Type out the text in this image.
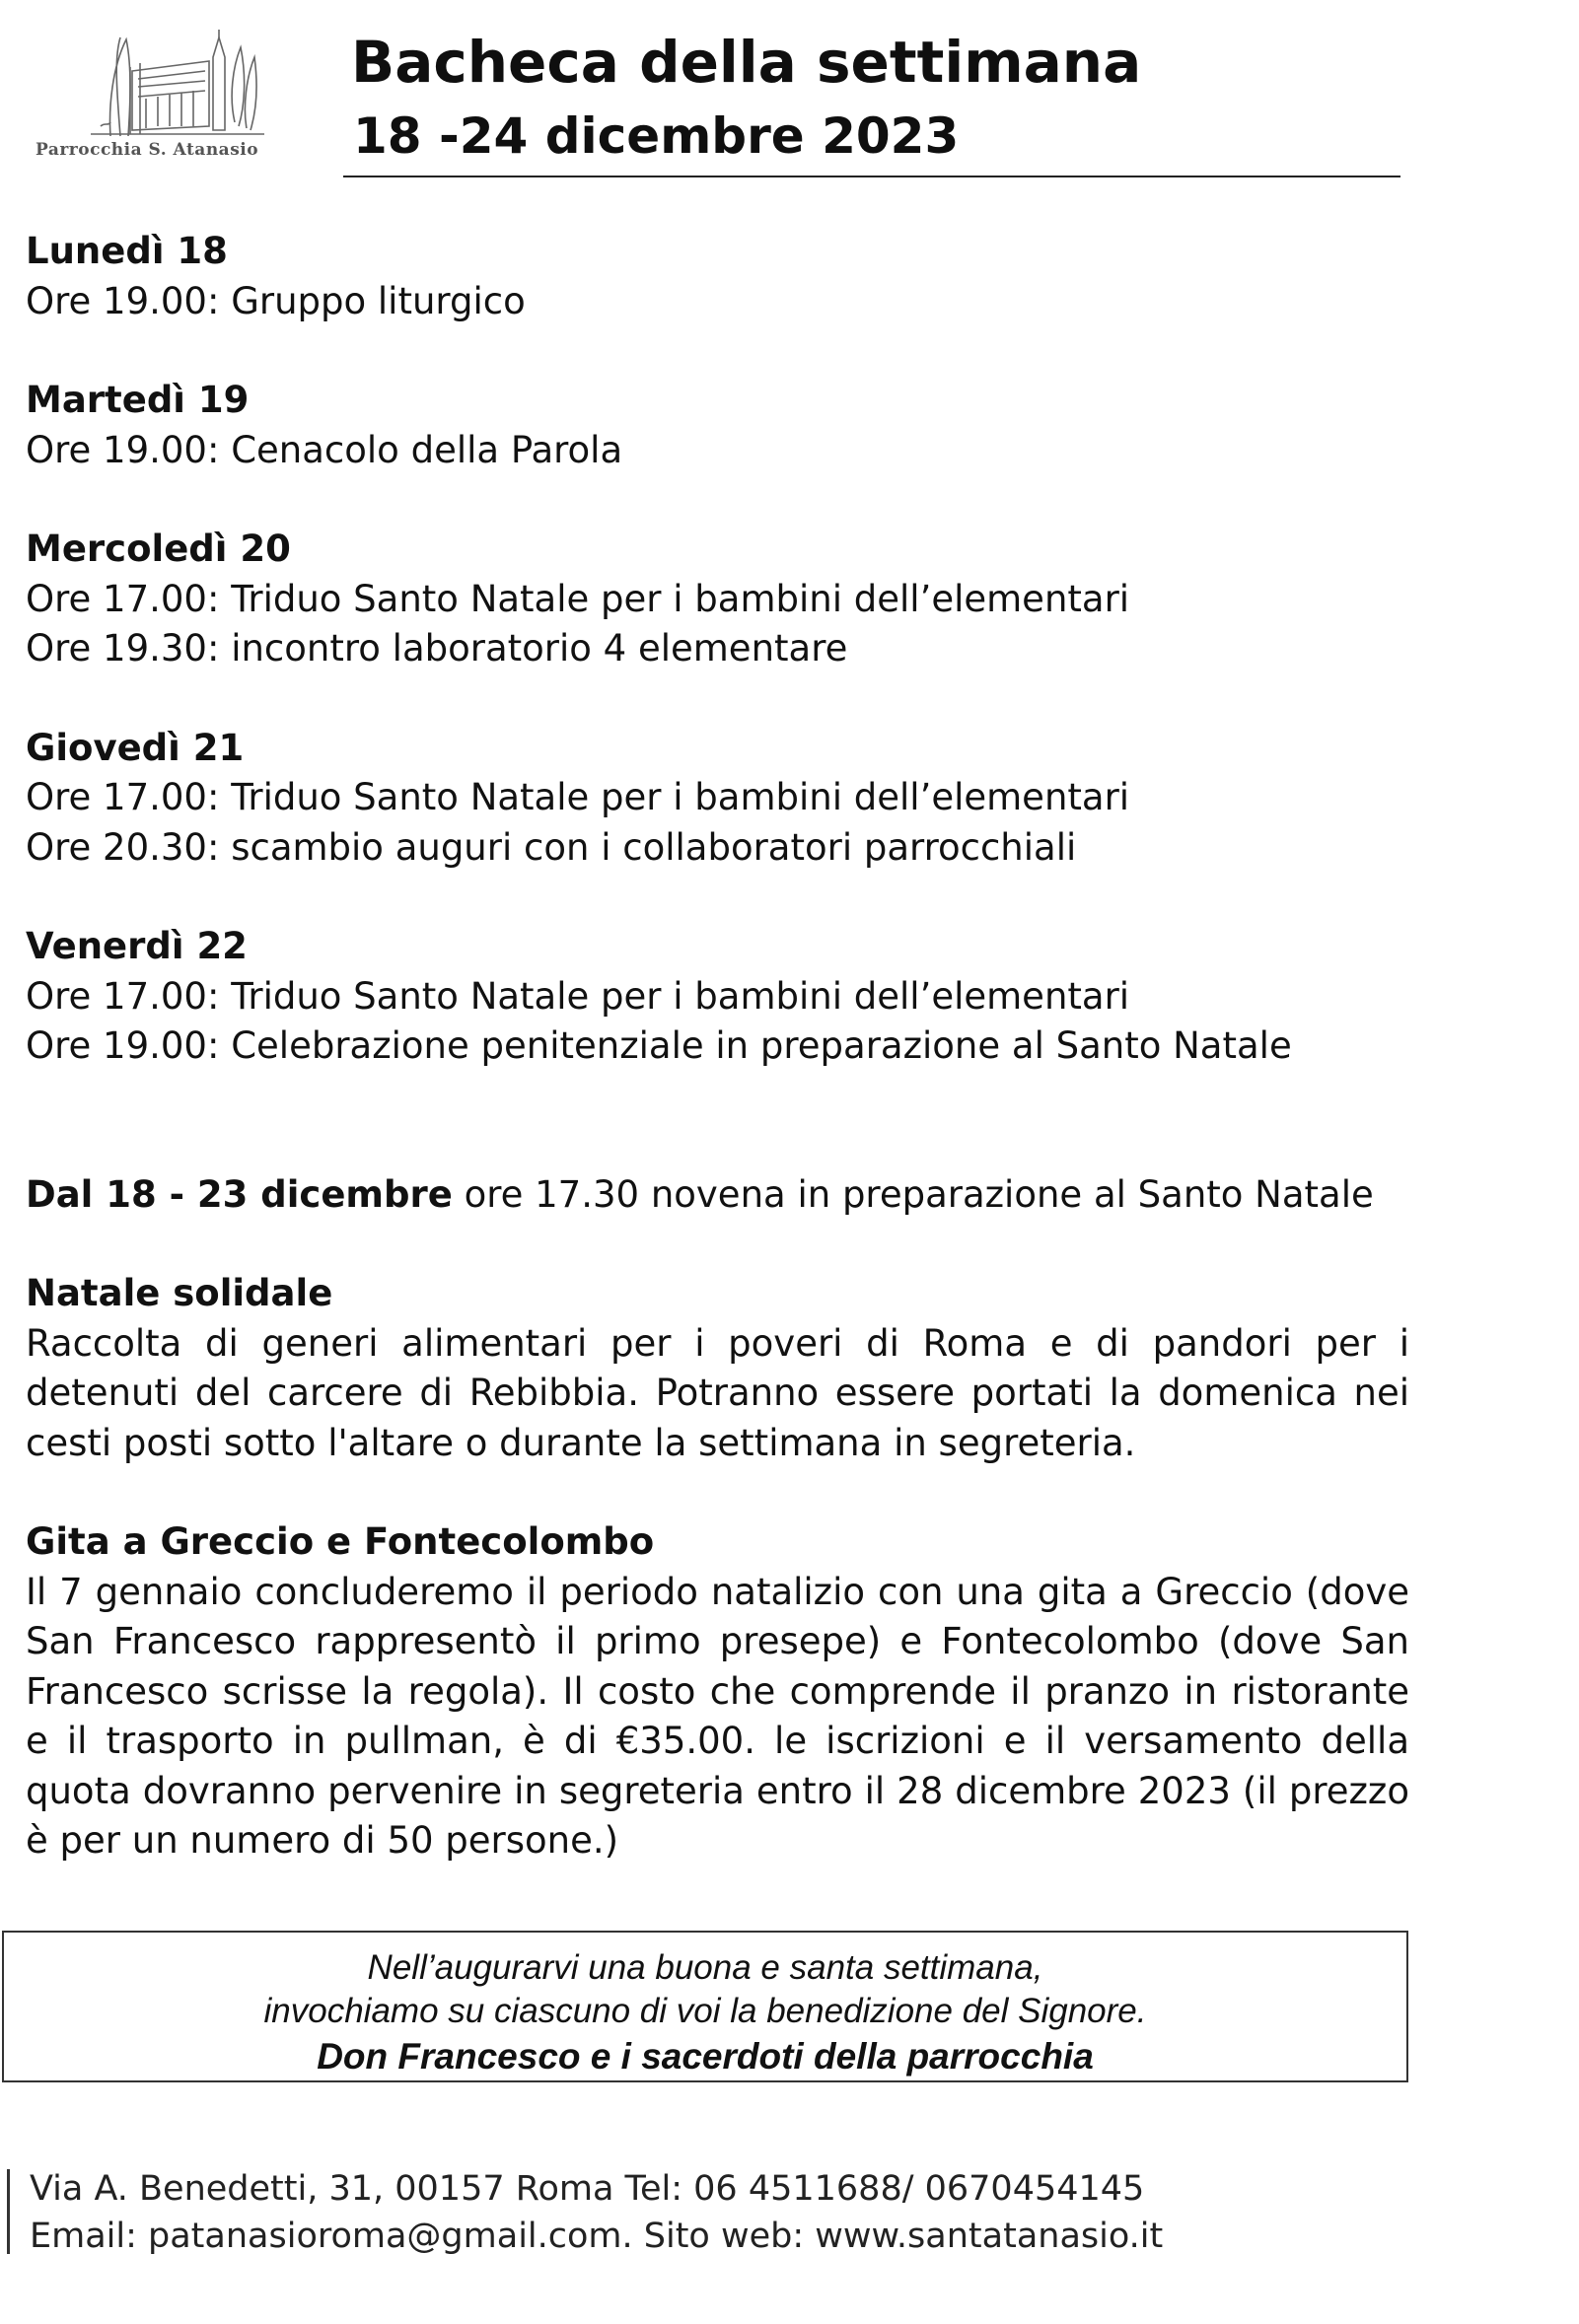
Parrocchia S. Atanasio
Bacheca della settimana
18 -24 dicembre 2023
Lunedì 18
Ore 19.00: Gruppo liturgico
Martedì 19
Ore 19.00: Cenacolo della Parola
Mercoledì 20
Ore 17.00: Triduo Santo Natale per i bambini dell’elementari
Ore 19.30: incontro laboratorio 4 elementare
Giovedì 21
Ore 17.00: Triduo Santo Natale per i bambini dell’elementari
Ore 20.30: scambio auguri con i collaboratori parrocchiali
Venerdì 22
Ore 17.00: Triduo Santo Natale per i bambini dell’elementari
Ore 19.00: Celebrazione penitenziale in preparazione al Santo Natale
Dal 18 - 23 dicembre ore 17.30 novena in preparazione al Santo Natale
Natale solidale
Raccolta di generi alimentari per i poveri di Roma e di pandori per i detenuti del carcere di Rebibbia. Potranno essere portati la domenica nei cesti posti sotto l'altare o durante la settimana in segreteria.
Gita a Greccio e Fontecolombo
Il 7 gennaio concluderemo il periodo natalizio con una gita a Greccio (dove San Francesco rappresentò il primo presepe) e Fontecolombo (dove San Francesco scrisse la regola). Il costo che comprende il pranzo in ristorante e il trasporto in pullman, è di €35.00. le iscrizioni e il versamento della quota dovranno pervenire in segreteria entro il 28 dicembre 2023 (il prezzo è per un numero di 50 persone.)
Nell’augurarvi una buona e santa settimana,
invochiamo su ciascuno di voi la benedizione del Signore.
Don Francesco e i sacerdoti della parrocchia
Via A. Benedetti, 31, 00157 Roma Tel: 06 4511688/ 0670454145
Email: patanasioroma@gmail.com. Sito web: www.santatanasio.it
